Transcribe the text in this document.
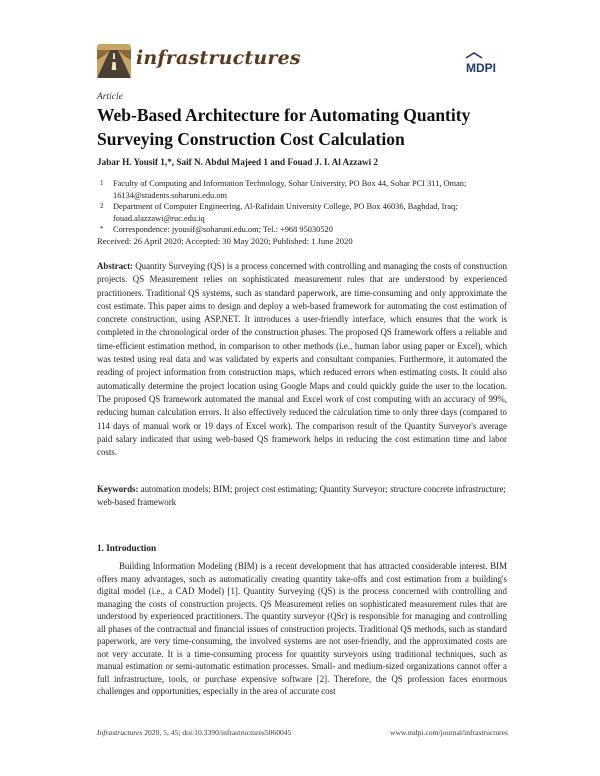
infrastructures	MDPI
Article
Web-Based Architecture for Automating Quantity Surveying Construction Cost Calculation
Jabar H. Yousif 1,*, Saif N. Abdul Majeed 1 and Fouad J. I. Al Azzawi 2
1 Faculty of Computing and Information Technology, Sohar University, PO Box 44, Sohar PCI 311, Oman; 16134@students.soharuni.edu.om
2 Department of Computer Engineering, Al-Rafidain University College, PO Box 46036, Baghdad, Iraq; fouad.alazzawi@ruc.edu.iq
* Correspondence: jyousif@soharuni.edu.om; Tel.: +968 95030520
Received: 26 April 2020; Accepted: 30 May 2020; Published: 1 June 2020

Abstract: Quantity Surveying (QS) is a process concerned with controlling and managing the costs of construction projects. QS Measurement relies on sophisticated measurement rules that are understood by experienced practitioners. Traditional QS systems, such as standard paperwork, are time-consuming and only approximate the cost estimate. This paper aims to design and deploy a web-based framework for automating the cost estimation of concrete construction, using ASP.NET. It introduces a user-friendly interface, which ensures that the work is completed in the chronological order of the construction phases. The proposed QS framework offers a reliable and time-efficient estimation method, in comparison to other methods (i.e., human labor using paper or Excel), which was tested using real data and was validated by experts and consultant companies. Furthermore, it automated the reading of project information from construction maps, which reduced errors when estimating costs. It could also automatically determine the project location using Google Maps and could quickly guide the user to the location. The proposed QS framework automated the manual and Excel work of cost computing with an accuracy of 99%, reducing human calculation errors. It also effectively reduced the calculation time to only three days (compared to 114 days of manual work or 19 days of Excel work). The comparison result of the Quantity Surveyor's average paid salary indicated that using web-based QS framework helps in reducing the cost estimation time and labor costs.

Keywords: automation models; BIM; project cost estimating; Quantity Surveyor; structure concrete infrastructure; web-based framework

1. Introduction

Building Information Modeling (BIM) is a recent development that has attracted considerable interest. BIM offers many advantages, such as automatically creating quantity take-offs and cost estimation from a building's digital model (i.e., a CAD Model) [1]. Quantity Surveying (QS) is the process concerned with controlling and managing the costs of construction projects. QS Measurement relies on sophisticated measurement rules that are understood by experienced practitioners. The quantity surveyor (QSr) is responsible for managing and controlling all phases of the contractual and financial issues of construction projects. Traditional QS methods, such as standard paperwork, are very time-consuming, the involved systems are not user-friendly, and the approximated costs are not very accurate. It is a time-consuming process for quantity surveyors using traditional techniques, such as manual estimation or semi-automatic estimation processes. Small- and medium-sized organizations cannot offer a full infrastructure, tools, or purchase expensive software [2]. Therefore, the QS profession faces enormous challenges and opportunities, especially in the area of accurate cost

Infrastructures 2020, 5, 45; doi:10.3390/infrastructures5060045	www.mdpi.com/journal/infrastructures
